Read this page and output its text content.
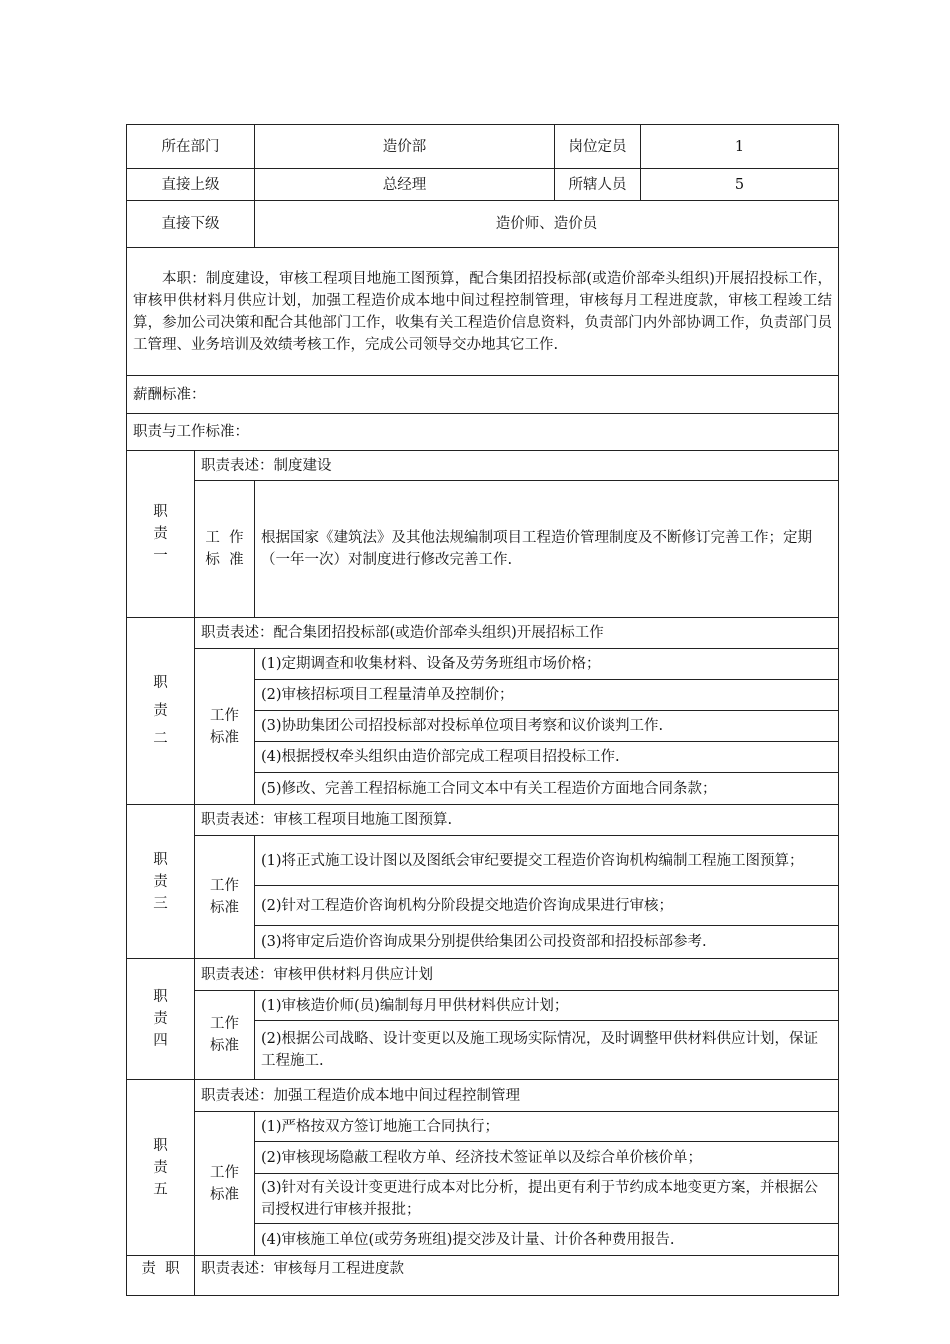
所在部门		造价部	岗位定员	1
直接上级		总经理	所辖人员	5
直接下级		造价师、造价员		
本职：制度建设，审核工程项目地施工图预算，配合集团招投标部(或造价部牵头组织)开展招投标工作，审核甲供材料月供应计划，加强工程造价成本地中间过程控制管理，审核每月工程进度款，审核工程竣工结算，参加公司决策和配合其他部门工作，收集有关工程造价信息资料，负责部门内外部协调工作，负责部门员工管理、业务培训及效绩考核工作，完成公司领导交办地其它工作.				
薪酬标准：				
职责与工作标准：				

职
责
一	职责表述：制度建设			

	工  作
标  准	根据国家《建筑法》及其他法规编制项目工程造价管理制度及不断修订完善工作；定期（一年一次）对制度进行修改完善工作.		

职
责
二	职责表述：配合集团招投标部(或造价部牵头组织)开展招标工作			

	工作
标准	(1)定期调查和收集材料、设备及劳务班组市场价格；		
		(2)审核招标项目工程量清单及控制价；		
		(3)协助集团公司招投标部对投标单位项目考察和议价谈判工作.		
		(4)根据授权牵头组织由造价部完成工程项目招投标工作.		
		(5)修改、完善工程招标施工合同文本中有关工程造价方面地合同条款；		

职
责
三	职责表述：审核工程项目地施工图预算.			

	工作
标准	(1)将正式施工设计图以及图纸会审纪要提交工程造价咨询机构编制工程施工图预算；		
		(2)针对工程造价咨询机构分阶段提交地造价咨询成果进行审核；		
		(3)将审定后造价咨询成果分别提供给集团公司投资部和招投标部参考.		

职
责
四	职责表述：审核甲供材料月供应计划			

	工作
标准	(1)审核造价师(员)编制每月甲供材料供应计划；		
		(2)根据公司战略、设计变更以及施工现场实际情况，及时调整甲供材料供应计划，保证工程施工.		

职
责
五	职责表述：加强工程造价成本地中间过程控制管理			

	工作
标准	(1)严格按双方签订地施工合同执行；		
		(2)审核现场隐蔽工程收方单、经济技术签证单以及综合单价核价单；		
		(3)针对有关设计变更进行成本对比分析，提出更有利于节约成本地变更方案，并根据公司授权进行审核并报批；		
		(4)审核施工单位(或劳务班组)提交涉及计量、计价各种费用报告.		
责  职	职责表述：审核每月工程进度款			
